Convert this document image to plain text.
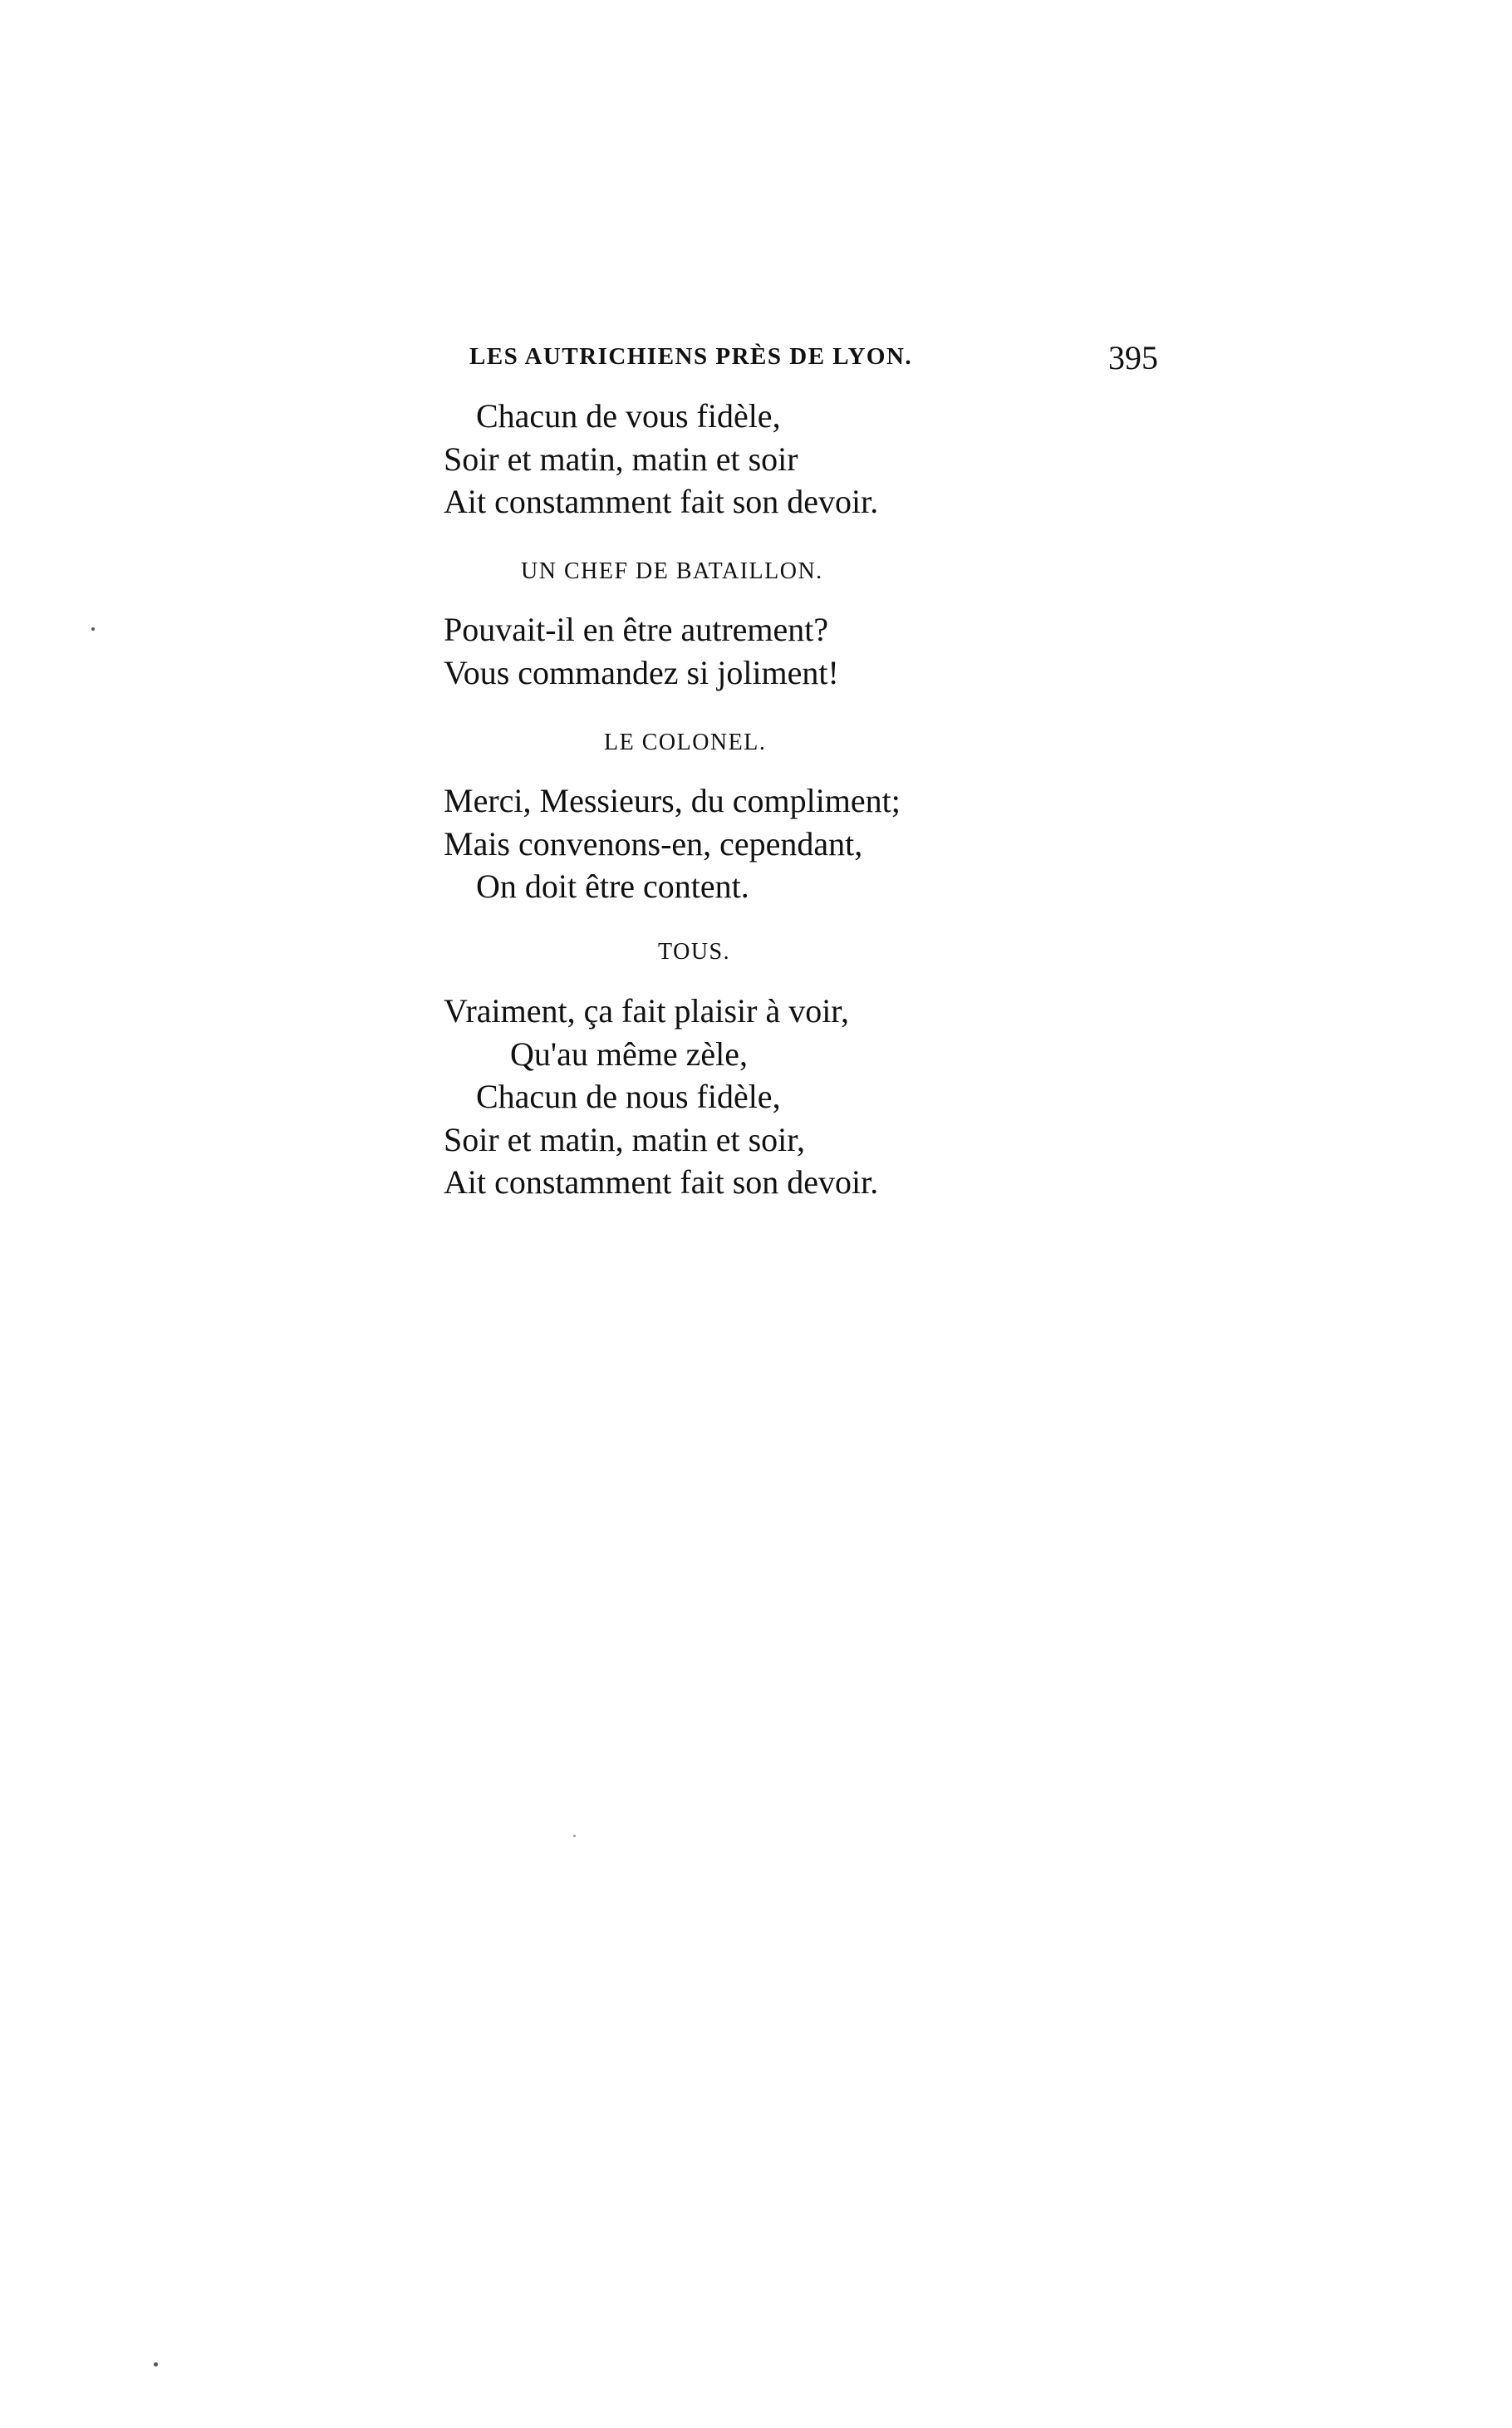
LES AUTRICHIENS PRÈS DE LYON.	395
Chacun de vous fidèle,
Soir et matin, matin et soir
Ait constamment fait son devoir.
UN CHEF DE BATAILLON.
Pouvait-il en être autrement?
Vous commandez si joliment!
LE COLONEL.
Merci, Messieurs, du compliment;
Mais convenons-en, cependant,
On doit être content.
TOUS.
Vraiment, ça fait plaisir à voir,
Qu'au même zèle,
Chacun de nous fidèle,
Soir et matin, matin et soir,
Ait constamment fait son devoir.
